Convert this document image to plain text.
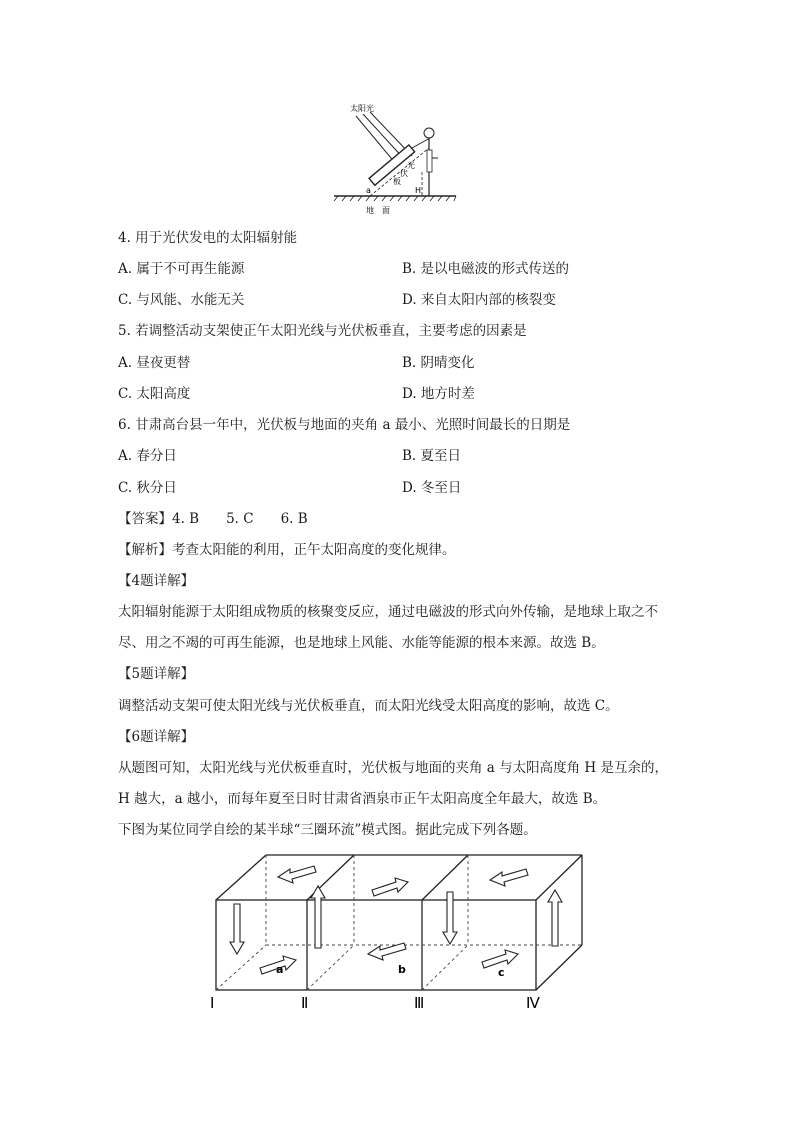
太阳光
光
伏
板
a	H
地　面
4. 用于光伏发电的太阳辐射能
A. 属于不可再生能源	B. 是以电磁波的形式传送的
C. 与风能、水能无关	D. 来自太阳内部的核裂变
5. 若调整活动支架使正午太阳光线与光伏板垂直，主要考虑的因素是
A. 昼夜更替	B. 阴晴变化
C. 太阳高度	D. 地方时差
6. 甘肃高台县一年中，光伏板与地面的夹角 a 最小、光照时间最长的日期是
A. 春分日	B. 夏至日
C. 秋分日	D. 冬至日
【答案】4. B　　5. C　　6. B
【解析】考查太阳能的利用，正午太阳高度的变化规律。
【4题详解】
太阳辐射能源于太阳组成物质的核聚变反应，通过电磁波的形式向外传输，是地球上取之不
尽、用之不竭的可再生能源，也是地球上风能、水能等能源的根本来源。故选 B。
【5题详解】
调整活动支架可使太阳光线与光伏板垂直，而太阳光线受太阳高度的影响，故选 C。
【6题详解】
从题图可知，太阳光线与光伏板垂直时，光伏板与地面的夹角 a 与太阳高度角 H 是互余的，
H 越大，a 越小，而每年夏至日时甘肃省酒泉市正午太阳高度全年最大，故选 B。
下图为某位同学自绘的某半球“三圈环流”模式图。据此完成下列各题。
a	b	c
Ⅰ	Ⅱ	Ⅲ	Ⅳ
